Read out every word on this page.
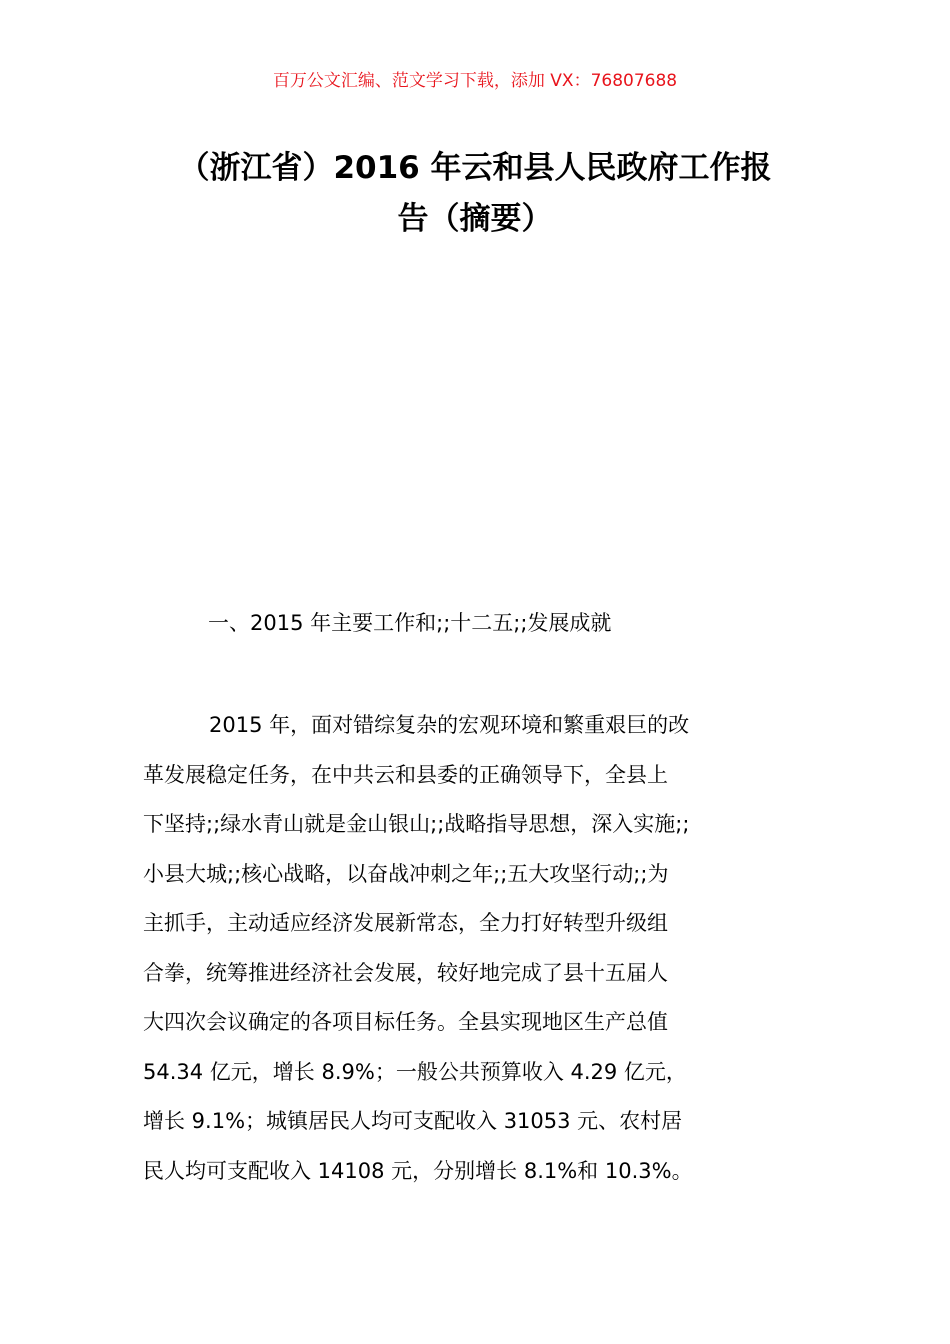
百万公文汇编、范文学习下载，添加 VX：76807688
（浙江省）2016 年云和县人民政府工作报
告（摘要）
一、2015 年主要工作和;;十二五;;发展成就
2015 年，面对错综复杂的宏观环境和繁重艰巨的改
革发展稳定任务，在中共云和县委的正确领导下，全县上
下坚持;;绿水青山就是金山银山;;战略指导思想，深入实施;;
小县大城;;核心战略，以奋战冲刺之年;;五大攻坚行动;;为
主抓手，主动适应经济发展新常态，全力打好转型升级组
合拳，统筹推进经济社会发展，较好地完成了县十五届人
大四次会议确定的各项目标任务。全县实现地区生产总值
54.34 亿元，增长 8.9%；一般公共预算收入 4.29 亿元，
增长 9.1%；城镇居民人均可支配收入 31053 元、农村居
民人均可支配收入 14108 元，分别增长 8.1%和 10.3%。
